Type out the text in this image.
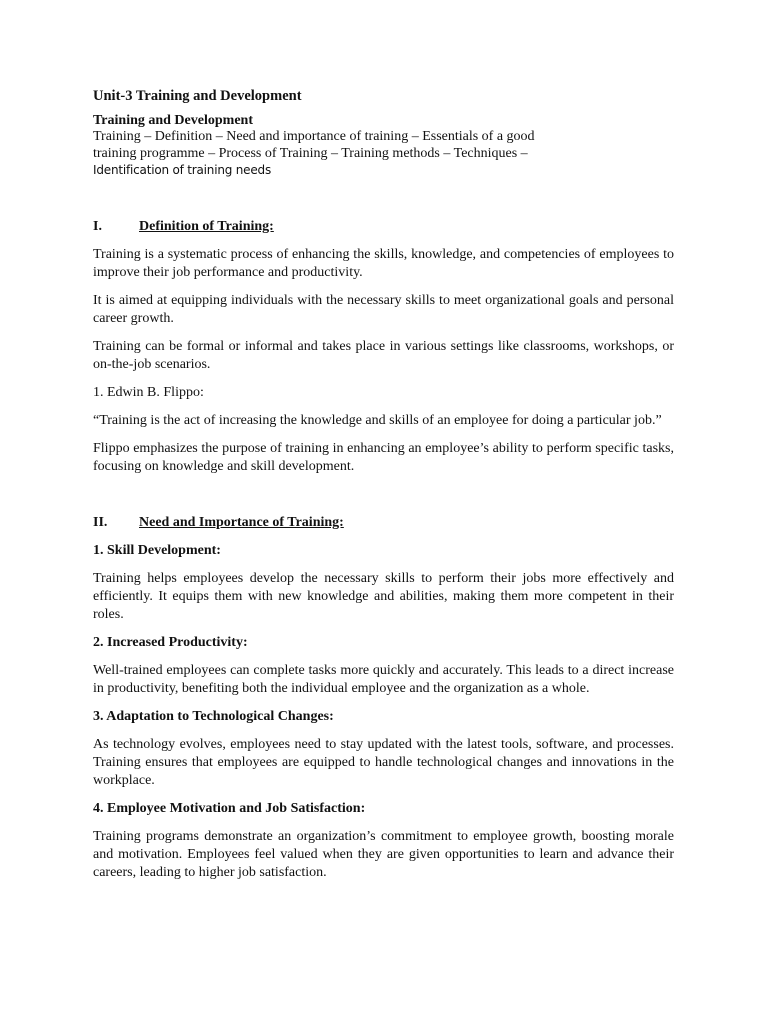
Unit-3 Training and Development

Training and Development

Training – Definition – Need and importance of training – Essentials of a good

training programme – Process of Training – Training methods – Techniques –

Identification of training needs

I.	Definition of Training:

Training is a systematic process of enhancing the skills, knowledge, and competencies of employees to improve their job performance and productivity.

It is aimed at equipping individuals with the necessary skills to meet organizational goals and personal career growth.

Training can be formal or informal and takes place in various settings like classrooms, workshops, or on-the-job scenarios.

1. Edwin B. Flippo:

“Training is the act of increasing the knowledge and skills of an employee for doing a particular job.”

Flippo emphasizes the purpose of training in enhancing an employee’s ability to perform specific tasks, focusing on knowledge and skill development.

II. Need and Importance of Training:

1. Skill Development:

Training helps employees develop the necessary skills to perform their jobs more effectively and efficiently. It equips them with new knowledge and abilities, making them more competent in their roles.

2. Increased Productivity:

Well-trained employees can complete tasks more quickly and accurately. This leads to a direct increase in productivity, benefiting both the individual employee and the organization as a whole.

3. Adaptation to Technological Changes:

As technology evolves, employees need to stay updated with the latest tools, software, and processes. Training ensures that employees are equipped to handle technological changes and innovations in the workplace.

4. Employee Motivation and Job Satisfaction:

Training programs demonstrate an organization’s commitment to employee growth, boosting morale and motivation. Employees feel valued when they are given opportunities to learn and advance their careers, leading to higher job satisfaction.
